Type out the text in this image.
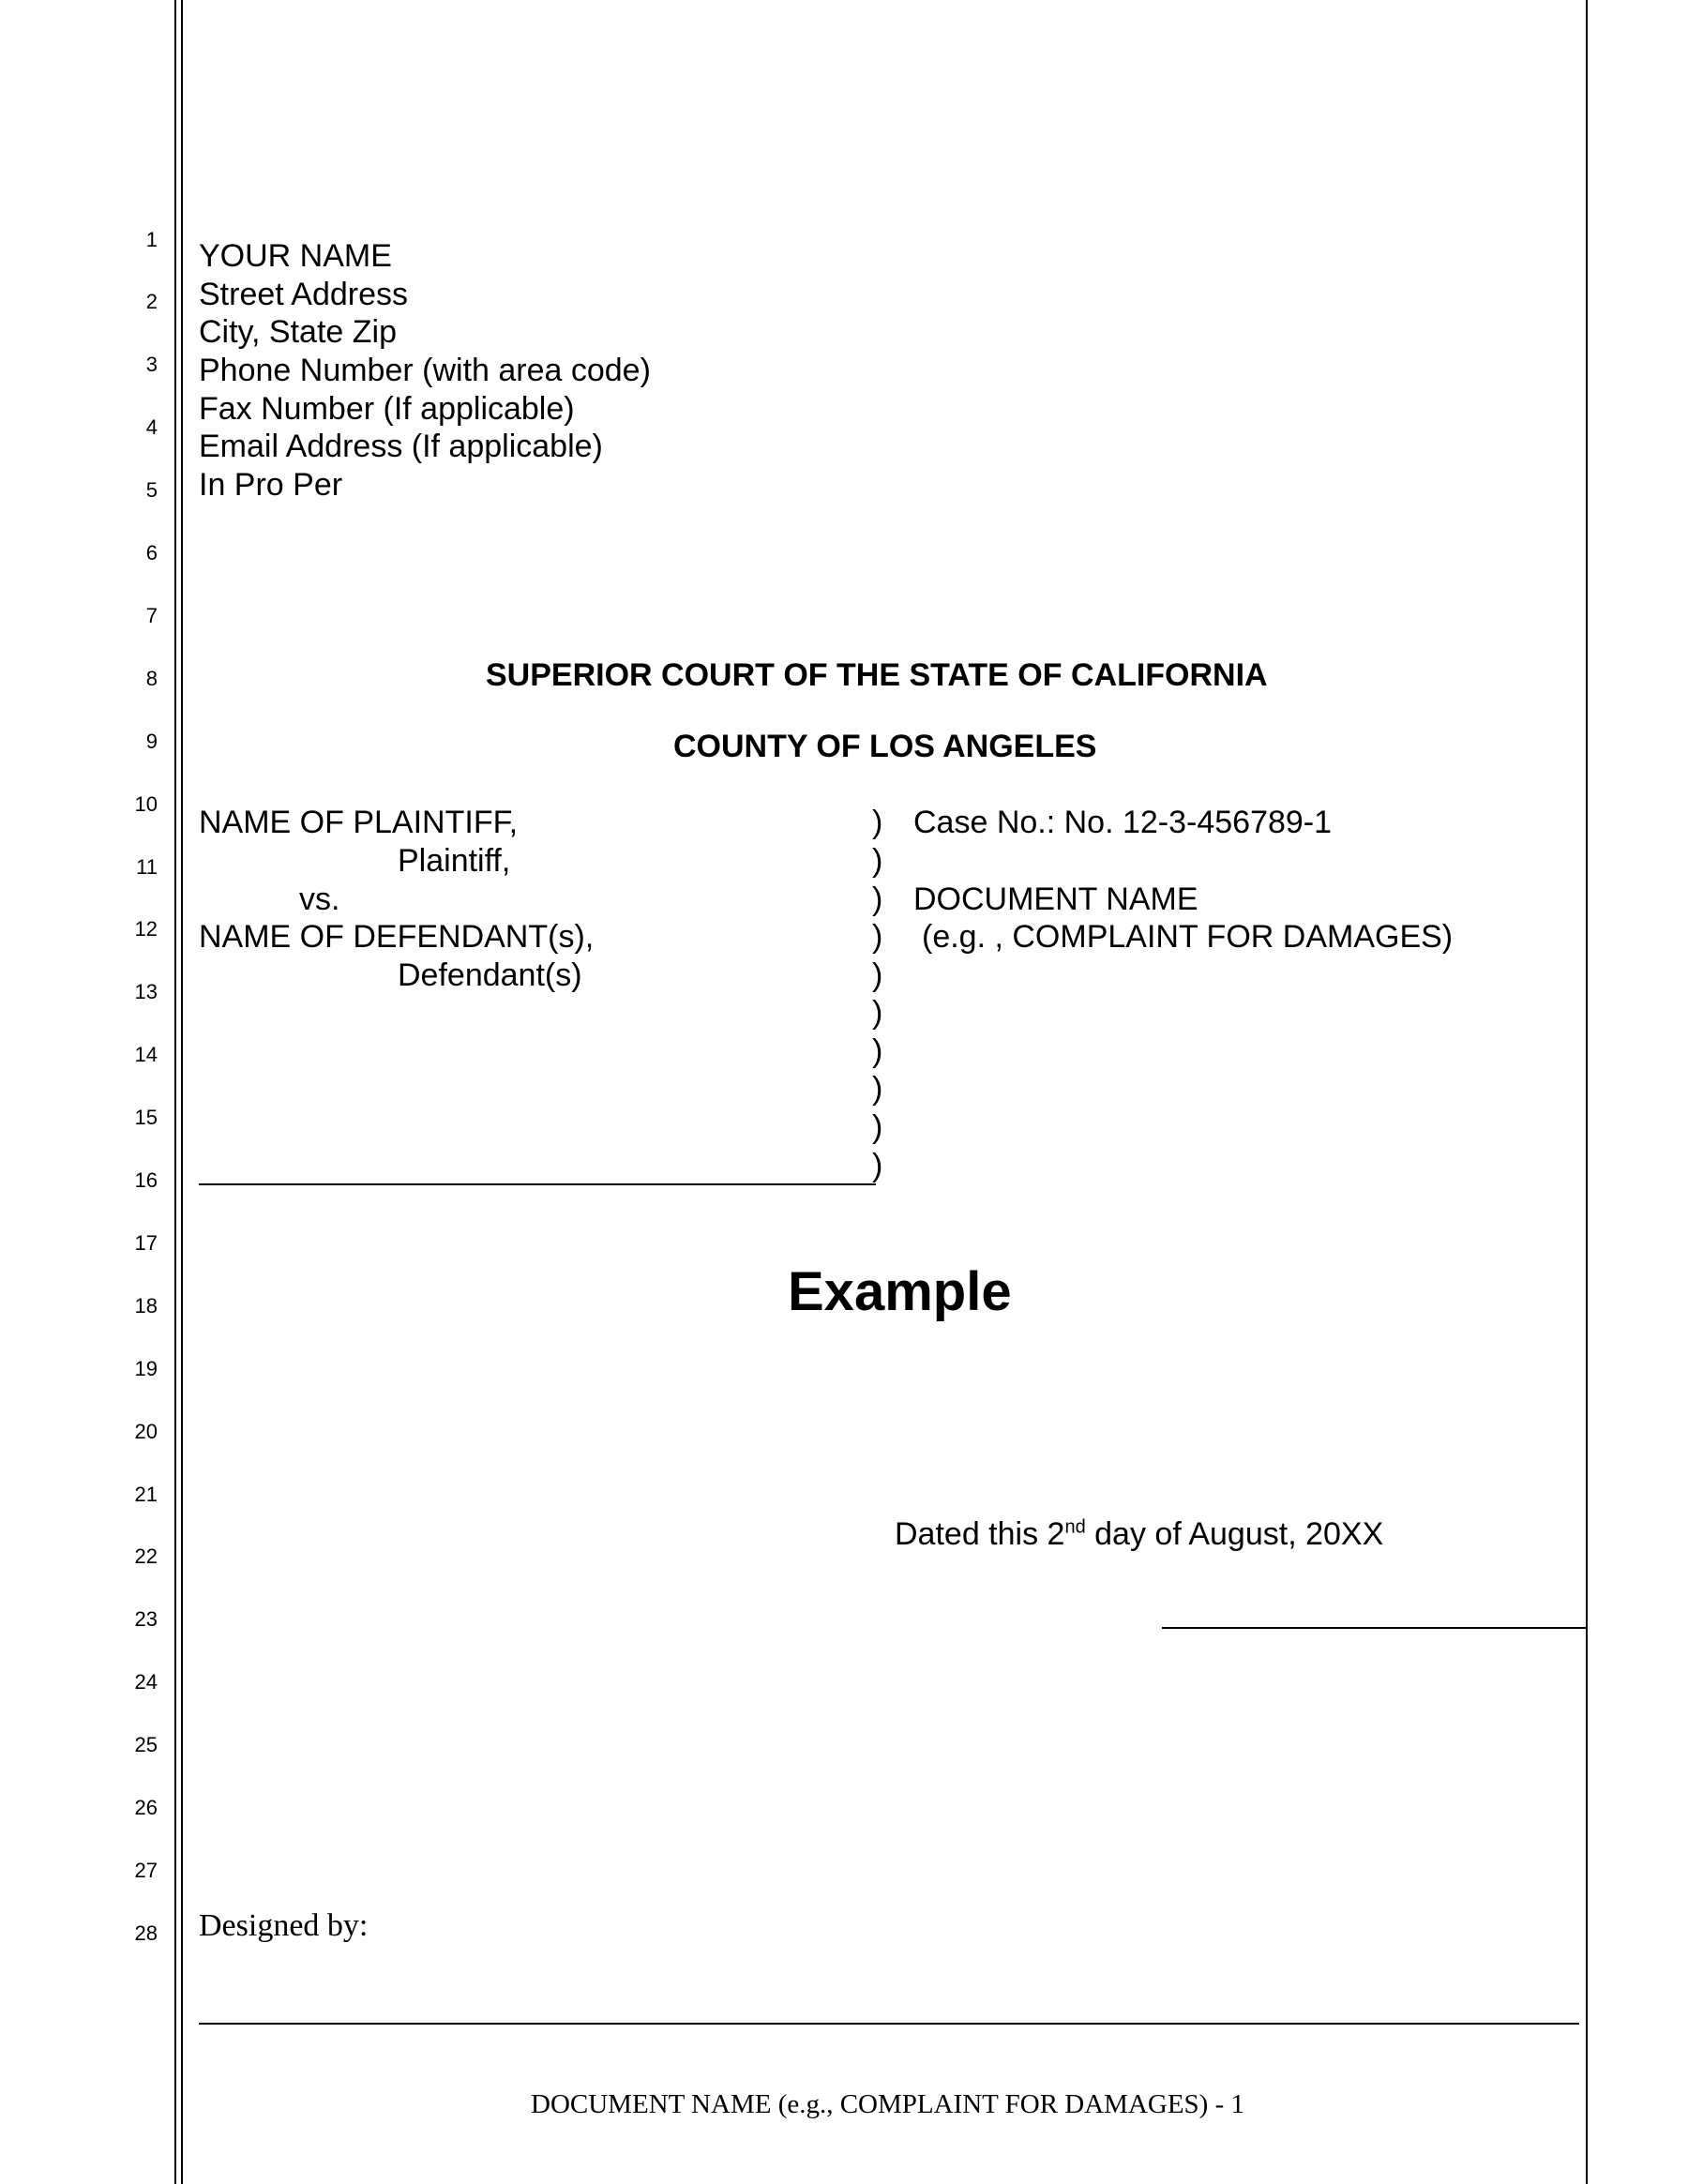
1
2
3
4
5
6
7
8
9
10
11
12
13
14
15
16
17
18
19
20
21
22
23
24
25
26
27
28
YOUR NAME
Street Address
City, State Zip
Phone Number (with area code)
Fax Number (If applicable)
Email Address (If applicable)
In Pro Per
SUPERIOR COURT OF THE STATE OF CALIFORNIA
COUNTY OF LOS ANGELES
NAME OF PLAINTIFF,
Plaintiff,
vs.
NAME OF DEFENDANT(s),
Defendant(s)
)
)
)
)
)
)
)
)
)
)
Case No.: No. 12-3-456789-1
DOCUMENT NAME
(e.g. , COMPLAINT FOR DAMAGES)
Example
Dated this 2nd day of August, 20XX
Designed by:
DOCUMENT NAME (e.g., COMPLAINT FOR DAMAGES) - 1
